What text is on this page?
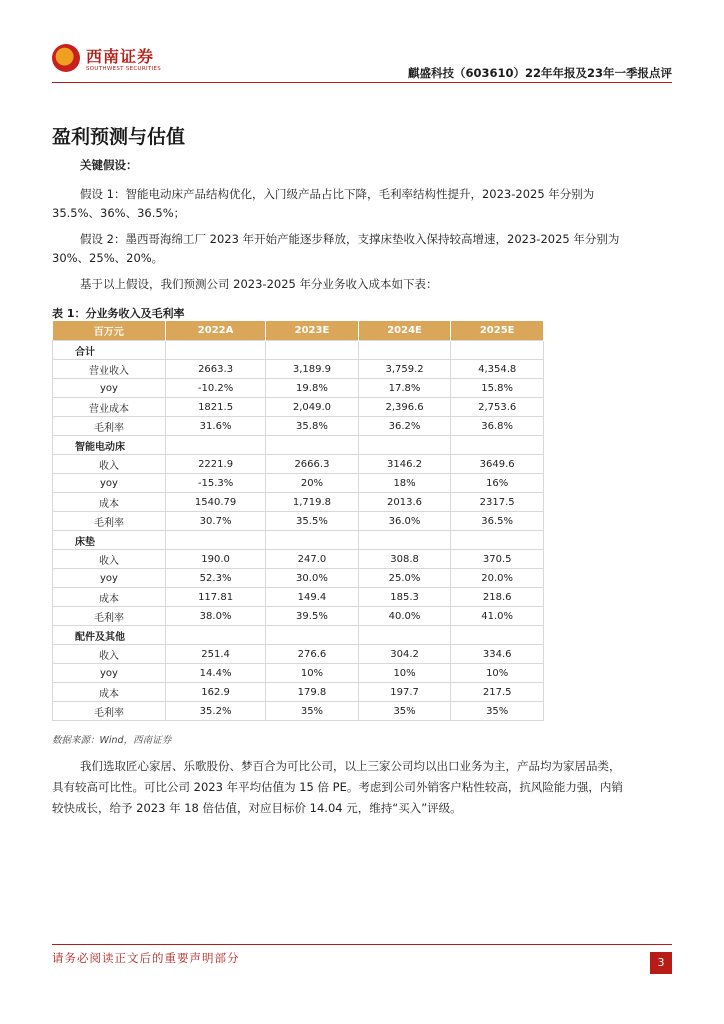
西南证券
SOUTHWEST SECURITIES	麒盛科技（603610）22年年报及23年一季报点评
盈利预测与估值
关键假设：
假设 1：智能电动床产品结构优化，入门级产品占比下降，毛利率结构性提升，2023-2025 年分别为 35.5%、36%、36.5%；
假设 2：墨西哥海绵工厂 2023 年开始产能逐步释放，支撑床垫收入保持较高增速，2023-2025 年分别为 30%、25%、20%。
基于以上假设，我们预测公司 2023-2025 年分业务收入成本如下表：
表 1：分业务收入及毛利率
百万元	2022A	2023E	2024E	2025E
合计				
营业收入	2663.3	3,189.9	3,759.2	4,354.8
yoy	-10.2%	19.8%	17.8%	15.8%
营业成本	1821.5	2,049.0	2,396.6	2,753.6
毛利率	31.6%	35.8%	36.2%	36.8%
智能电动床				
收入	2221.9	2666.3	3146.2	3649.6
yoy	-15.3%	20%	18%	16%
成本	1540.79	1,719.8	2013.6	2317.5
毛利率	30.7%	35.5%	36.0%	36.5%
床垫				
收入	190.0	247.0	308.8	370.5
yoy	52.3%	30.0%	25.0%	20.0%
成本	117.81	149.4	185.3	218.6
毛利率	38.0%	39.5%	40.0%	41.0%
配件及其他				
收入	251.4	276.6	304.2	334.6
yoy	14.4%	10%	10%	10%
成本	162.9	179.8	197.7	217.5
毛利率	35.2%	35%	35%	35%
数据来源：Wind，西南证券
我们选取匠心家居、乐歌股份、梦百合为可比公司，以上三家公司均以出口业务为主，产品均为家居品类，具有较高可比性。可比公司 2023 年平均估值为 15 倍 PE。考虑到公司外销客户粘性较高，抗风险能力强，内销较快成长，给予 2023 年 18 倍估值，对应目标价 14.04 元，维持“买入”评级。
请务必阅读正文后的重要声明部分	3
